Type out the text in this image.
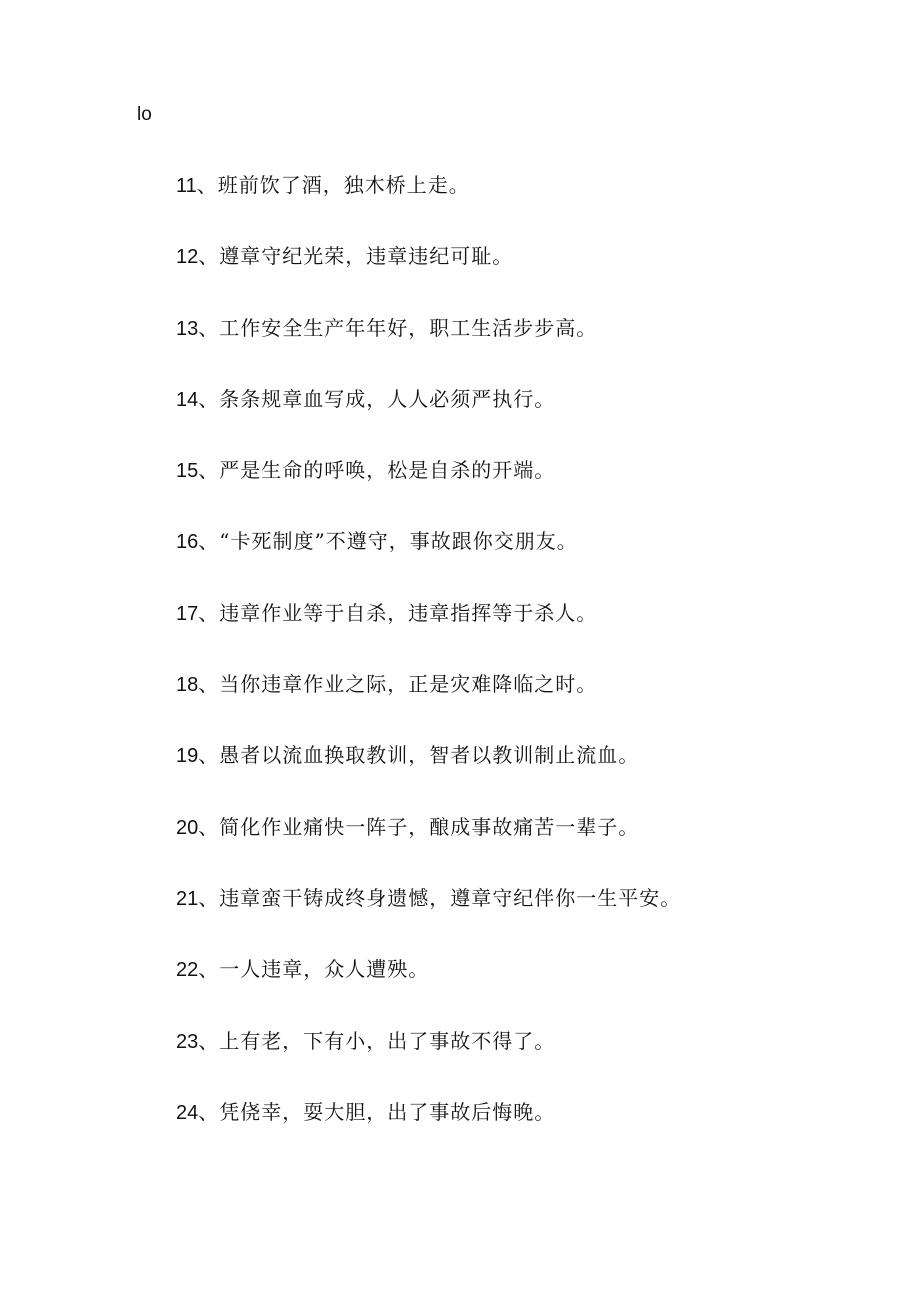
lo
11、班前饮了酒，独木桥上走。
12、遵章守纪光荣，违章违纪可耻。
13、工作安全生产年年好，职工生活步步高。
14、条条规章血写成，人人必须严执行。
15、严是生命的呼唤，松是自杀的开端。
16、“卡死制度”不遵守，事故跟你交朋友。
17、违章作业等于自杀，违章指挥等于杀人。
18、当你违章作业之际，正是灾难降临之时。
19、愚者以流血换取教训，智者以教训制止流血。
20、简化作业痛快一阵子，酿成事故痛苦一辈子。
21、违章蛮干铸成终身遗憾，遵章守纪伴你一生平安。
22、一人违章，众人遭殃。
23、上有老，下有小，出了事故不得了。
24、凭侥幸，耍大胆，出了事故后悔晚。
